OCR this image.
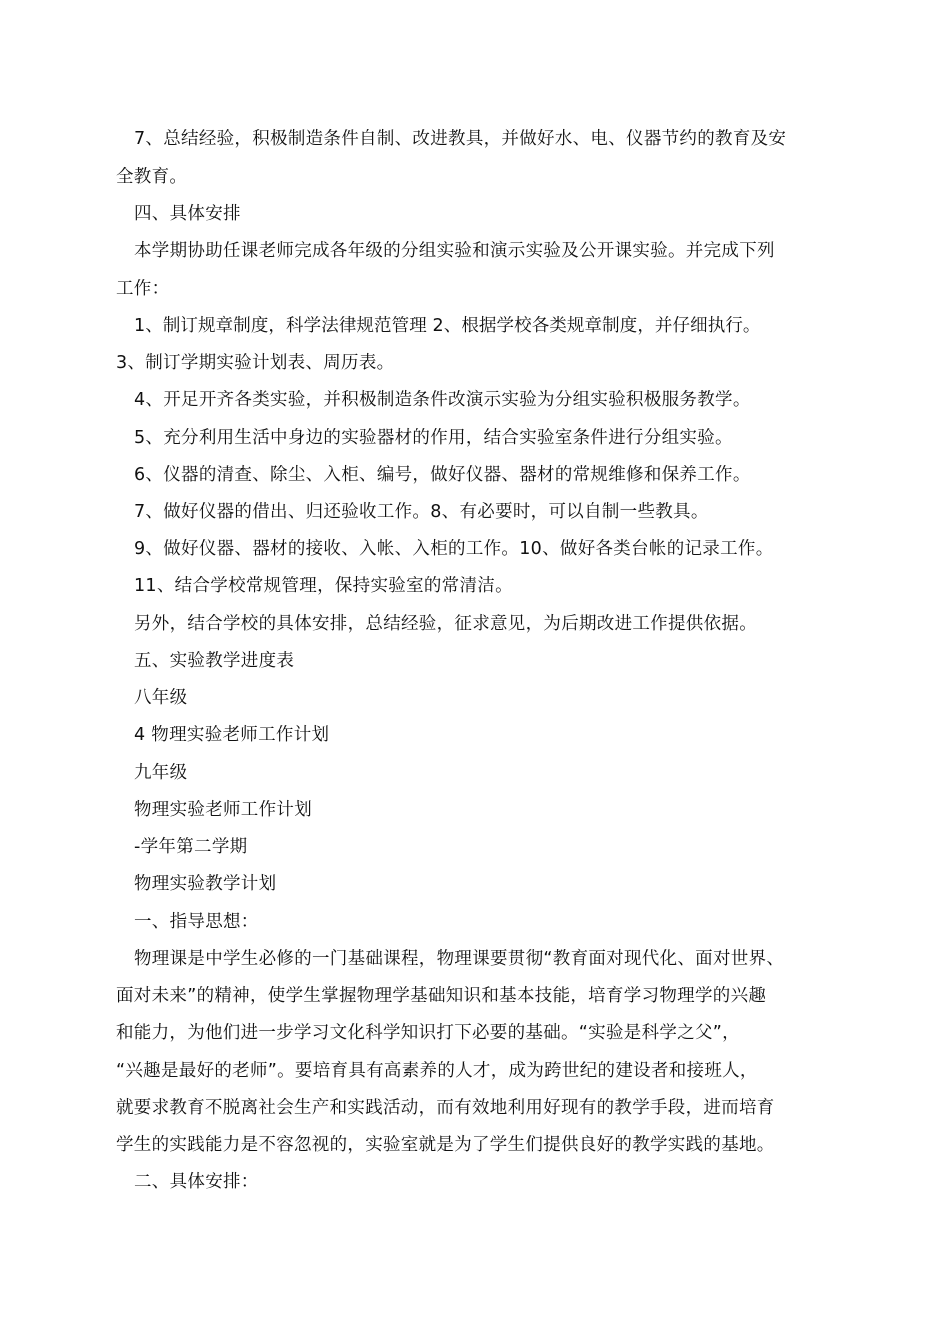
7、总结经验，积极制造条件自制、改进教具，并做好水、电、仪器节约的教育及安
全教育。
四、具体安排
本学期协助任课老师完成各年级的分组实验和演示实验及公开课实验。并完成下列
工作：
1、制订规章制度，科学法律规范管理 2、根据学校各类规章制度，并仔细执行。
3、制订学期实验计划表、周历表。
4、开足开齐各类实验，并积极制造条件改演示实验为分组实验积极服务教学。
5、充分利用生活中身边的实验器材的作用，结合实验室条件进行分组实验。
6、仪器的清查、除尘、入柜、编号，做好仪器、器材的常规维修和保养工作。
7、做好仪器的借出、归还验收工作。8、有必要时，可以自制一些教具。
9、做好仪器、器材的接收、入帐、入柜的工作。10、做好各类台帐的记录工作。
11、结合学校常规管理，保持实验室的常清洁。
另外，结合学校的具体安排，总结经验，征求意见，为后期改进工作提供依据。
五、实验教学进度表
八年级
4 物理实验老师工作计划
九年级
物理实验老师工作计划
-学年第二学期
物理实验教学计划
一、指导思想：
物理课是中学生必修的一门基础课程，物理课要贯彻“教育面对现代化、面对世界、
面对未来”的精神，使学生掌握物理学基础知识和基本技能，培育学习物理学的兴趣
和能力，为他们进一步学习文化科学知识打下必要的基础。“实验是科学之父”，
“兴趣是最好的老师”。要培育具有高素养的人才，成为跨世纪的建设者和接班人，
就要求教育不脱离社会生产和实践活动，而有效地利用好现有的教学手段，进而培育
学生的实践能力是不容忽视的，实验室就是为了学生们提供良好的教学实践的基地。
二、具体安排：
